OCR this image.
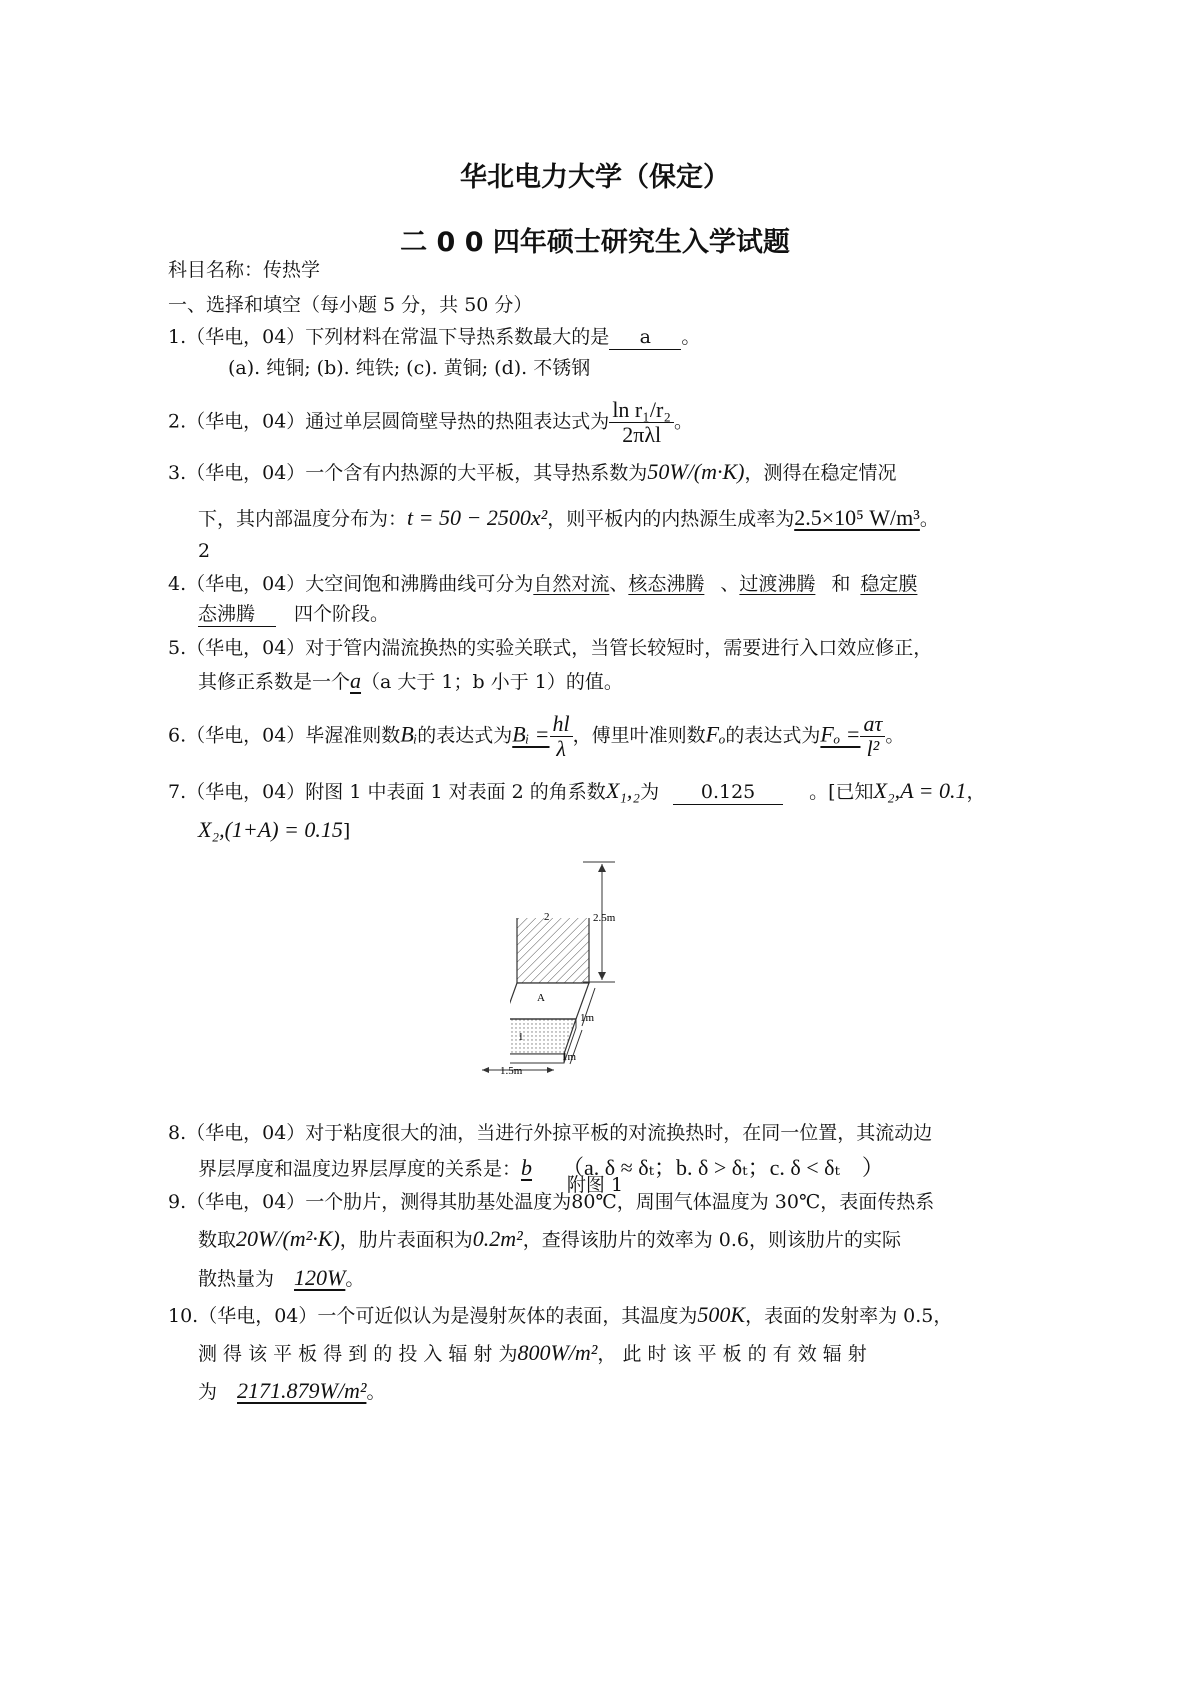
华北电力大学（保定）
二 0 0 四年硕士研究生入学试题
科目名称：传热学
一、选择和填空（每小题 5 分，共 50 分）
1.（华电，04）下列材料在常温下导热系数最大的是 a 。
(a). 纯铜; (b). 纯铁; (c). 黄铜; (d). 不锈钢
2.（华电，04）通过单层圆筒壁导热的热阻表达式为 $\frac{\text{ln r₁/r₂}}{\text{2πλl}}$ 。
3.（华电，04）一个含有内热源的大平板，其导热系数为50W/(m·K)，测得在稳定情况
下，其内部温度分布为：t = 50 − 2500x²，则平板内的内热源生成率为2.5×10⁵ W/m³。
2
4.（华电，04）大空间饱和沸腾曲线可分为自然对流、核态沸腾 、过渡沸腾 和 稳定膜
态沸腾 四个阶段。
5.（华电，04）对于管内湍流换热的实验关联式，当管长较短时，需要进行入口效应修正，
其修正系数是一个a（a 大于 1；b 小于 1）的值。
6.（华电，04）毕渥准则数Bᵢ的表达式为Bᵢ = $\frac{hl}{\lambda}$ ，傅里叶准则数Fₒ的表达式为$F_o = \frac{a\tau}{\text{l²}}$ 。
7.（华电，04）附图 1 中表面 1 对表面 2 的角系数X₁,₂为 0.125	。[已知X₂,A = 0.1，
X₂,(1+A) = 0.15]
2.5m
2
A
1
1m
1m
1.5m
附图 1
8.（华电，04）对于粘度很大的油，当进行外掠平板的对流换热时，在同一位置，其流动边
界层厚度和温度边界层厚度的关系是：b （a. δ ≈ δₜ；b. δ > δₜ；c. δ < δₜ　）
9.（华电，04）一个肋片，测得其肋基处温度为80℃，周围气体温度为 30℃，表面传热系
数取20W/(m²·K)，肋片表面积为0.2m²，查得该肋片的效率为 0.6，则该肋片的实际
散热量为 120W。
10.（华电，04）一个可近似认为是漫射灰体的表面，其温度为500K，表面的发射率为 0.5，
测 得 该 平 板 得 到 的 投 入 辐 射 为800W/m²， 此 时 该 平 板 的 有 效 辐 射
为 2171.879W/m²。
